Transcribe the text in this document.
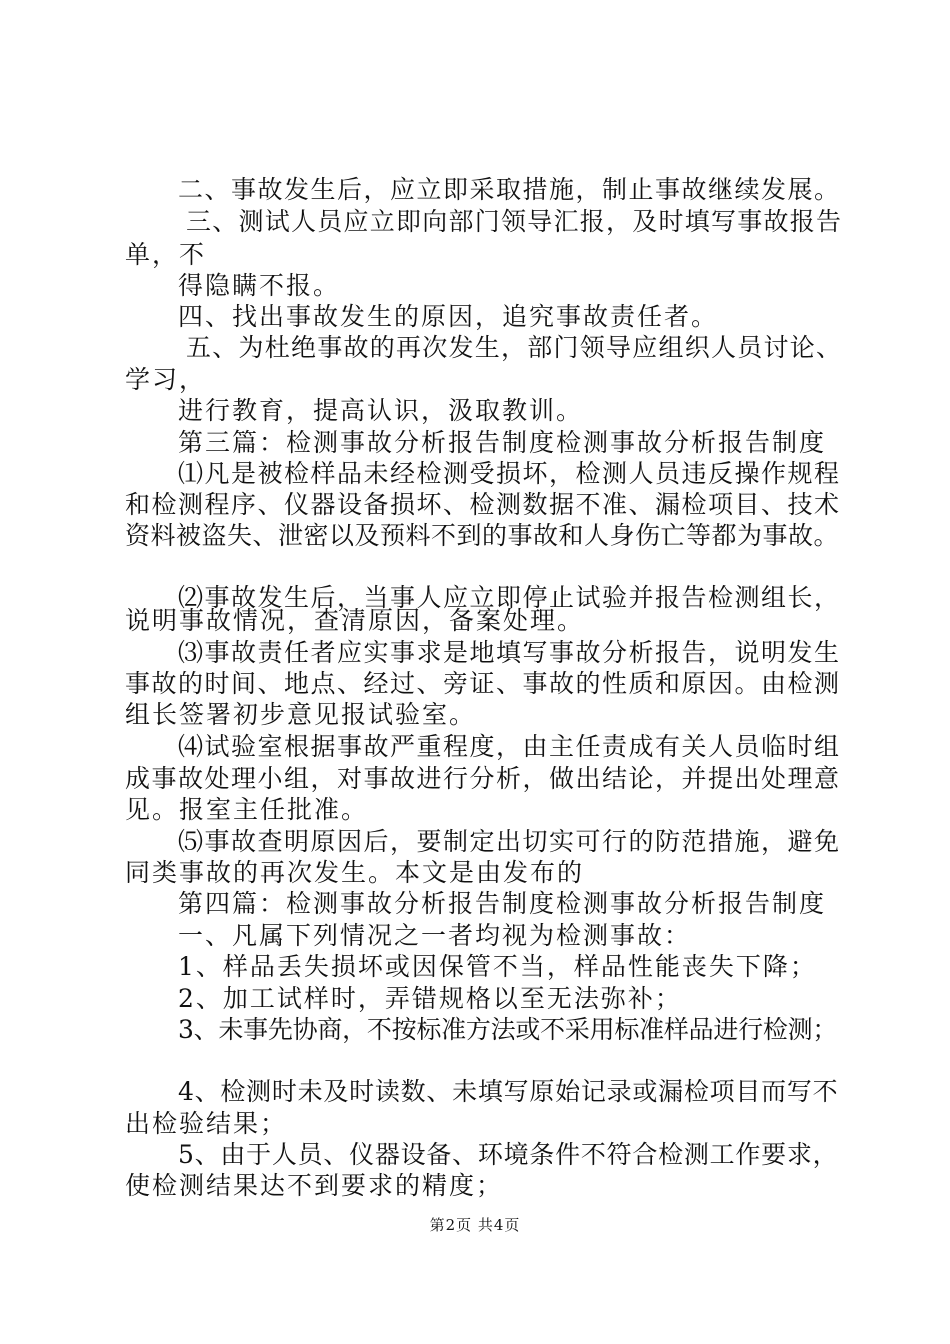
二、事故发生后，应立即采取措施，制止事故继续发展。
三、测试人员应立即向部门领导汇报，及时填写事故报告
单，不
得隐瞒不报。
四、找出事故发生的原因，追究事故责任者。
五、为杜绝事故的再次发生，部门领导应组织人员讨论、
学习，
进行教育，提高认识，汲取教训。
第三篇：检测事故分析报告制度检测事故分析报告制度
⑴凡是被检样品未经检测受损坏，检测人员违反操作规程
和检测程序、仪器设备损坏、检测数据不准、漏检项目、技术
资料被盗失、泄密以及预料不到的事故和人身伤亡等都为事故。
⑵事故发生后，当事人应立即停止试验并报告检测组长，
说明事故情况，查清原因，备案处理。
⑶事故责任者应实事求是地填写事故分析报告，说明发生
事故的时间、地点、经过、旁证、事故的性质和原因。由检测
组长签署初步意见报试验室。
⑷试验室根据事故严重程度，由主任责成有关人员临时组
成事故处理小组，对事故进行分析，做出结论，并提出处理意
见。报室主任批准。
⑸事故查明原因后，要制定出切实可行的防范措施，避免
同类事故的再次发生。本文是由发布的
第四篇：检测事故分析报告制度检测事故分析报告制度
一、凡属下列情况之一者均视为检测事故：
1、样品丢失损坏或因保管不当，样品性能丧失下降；
2、加工试样时，弄错规格以至无法弥补；
3、未事先协商，不按标准方法或不采用标准样品进行检测；
4、检测时未及时读数、未填写原始记录或漏检项目而写不
出检验结果；
5、由于人员、仪器设备、环境条件不符合检测工作要求，
使检测结果达不到要求的精度；
第2页 共4页
